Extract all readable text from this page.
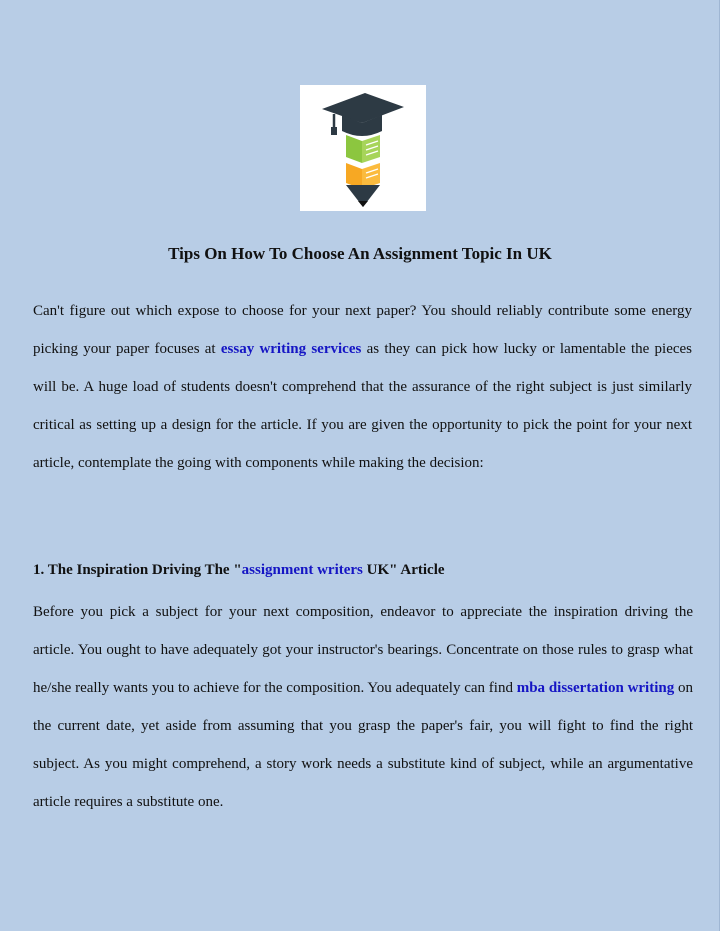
Tips On How To Choose An Assignment Topic In UK

Can't figure out which expose to choose for your next paper? You should reliably contribute some energy picking your paper focuses at essay writing services as they can pick how lucky or lamentable the pieces will be. A huge load of students doesn't comprehend that the assurance of the right subject is just similarly critical as setting up a design for the article. If you are given the opportunity to pick the point for your next article, contemplate the going with components while making the decision:

1. The Inspiration Driving The "assignment writers UK" Article

Before you pick a subject for your next composition, endeavor to appreciate the inspiration driving the article. You ought to have adequately got your instructor's bearings. Concentrate on those rules to grasp what he/she really wants you to achieve for the composition. You adequately can find mba dissertation writing on the current date, yet aside from assuming that you grasp the paper's fair, you will fight to find the right subject. As you might comprehend, a story work needs a substitute kind of subject, while an argumentative article requires a substitute one.
